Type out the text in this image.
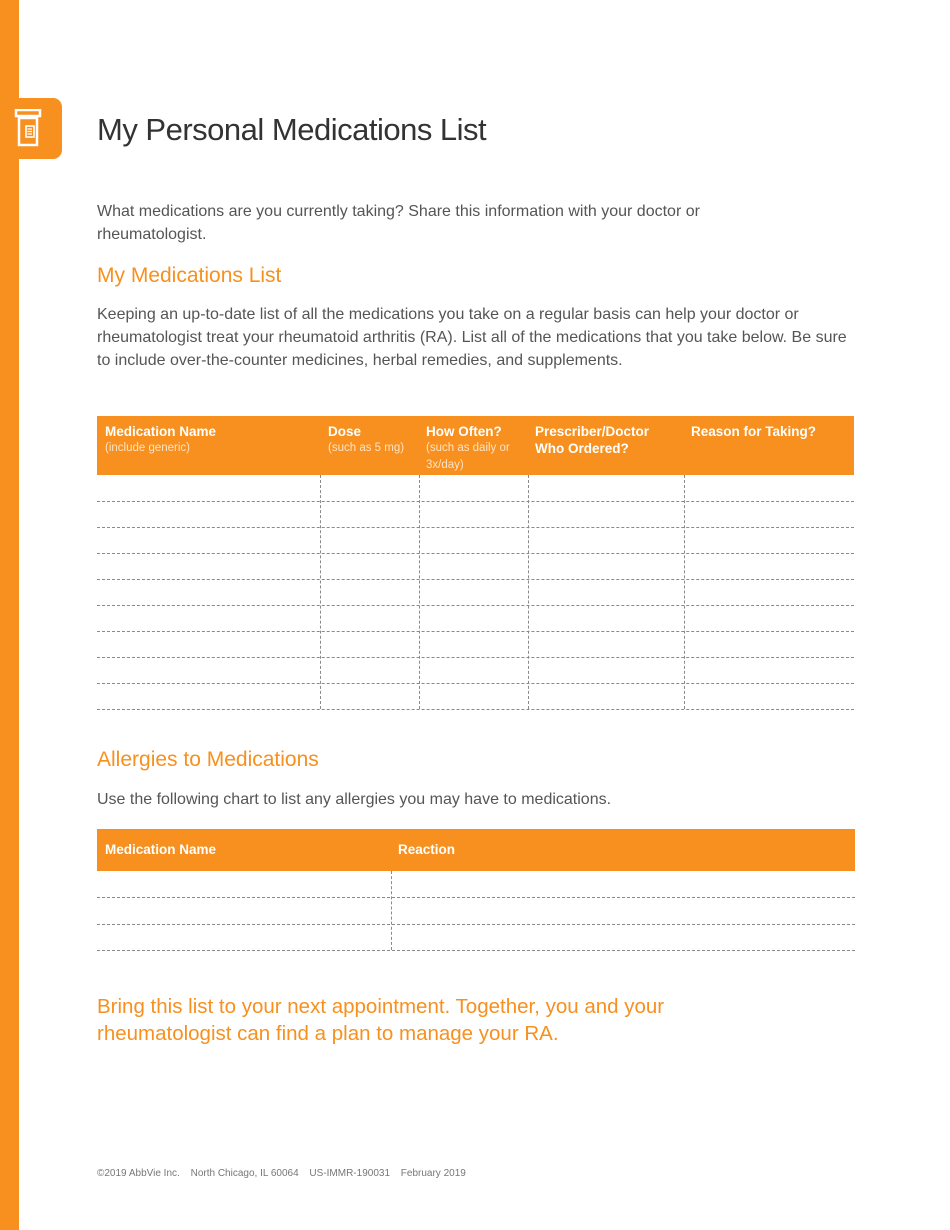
My Personal Medications List

What medications are you currently taking? Share this information with your doctor or rheumatologist.

My Medications List

Keeping an up-to-date list of all the medications you take on a regular basis can help your doctor or rheumatologist treat your rheumatoid arthritis (RA). List all of the medications that you take below. Be sure to include over-the-counter medicines, herbal remedies, and supplements.

Medication Name
(include generic)
Dose
(such as 5 mg)
How Often?
(such as daily or 3x/day)
Prescriber/Doctor Who Ordered?
Reason for Taking?
Allergies to Medications

Use the following chart to list any allergies you may have to medications.

Medication Name	Reaction

Bring this list to your next appointment. Together, you and your rheumatologist can find a plan to manage your RA.

©2019 AbbVie Inc. North Chicago, IL 60064 US-IMMR-190031 February 2019
